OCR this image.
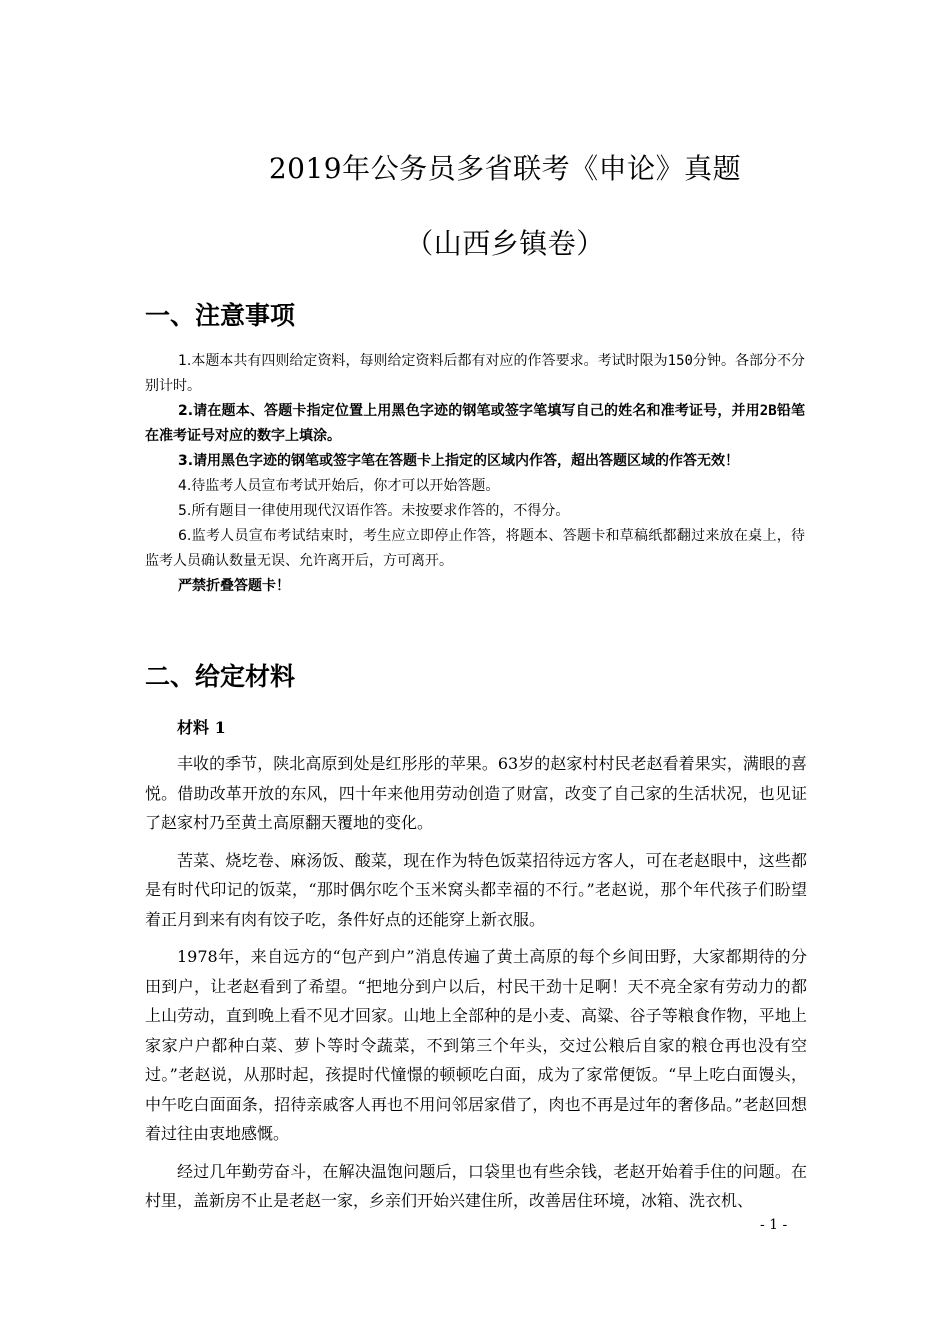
2019年公务员多省联考《申论》真题
（山西乡镇卷）
一、注意事项

1.本题本共有四则给定资料，每则给定资料后都有对应的作答要求。考试时限为150分钟。各部分不分别计时。

2.请在题本、答题卡指定位置上用黑色字迹的钢笔或签字笔填写自己的姓名和准考证号，并用2B铅笔在准考证号对应的数字上填涂。

3.请用黑色字迹的钢笔或签字笔在答题卡上指定的区域内作答，超出答题区域的作答无效！

4.待监考人员宣布考试开始后，你才可以开始答题。

5.所有题目一律使用现代汉语作答。未按要求作答的，不得分。

6.监考人员宣布考试结束时，考生应立即停止作答，将题本、答题卡和草稿纸都翻过来放在桌上，待监考人员确认数量无误、允许离开后，方可离开。

严禁折叠答题卡！

二、给定材料
材料 1

丰收的季节，陕北高原到处是红彤彤的苹果。63岁的赵家村村民老赵看着果实，满眼的喜悦。借助改革开放的东风，四十年来他用劳动创造了财富，改变了自己家的生活状况，也见证了赵家村乃至黄土高原翻天覆地的变化。

苦菜、烧圪卷、麻汤饭、酸菜，现在作为特色饭菜招待远方客人，可在老赵眼中，这些都是有时代印记的饭菜，“那时偶尔吃个玉米窝头都幸福的不行。”老赵说，那个年代孩子们盼望着正月到来有肉有饺子吃，条件好点的还能穿上新衣服。

1978年，来自远方的“包产到户”消息传遍了黄土高原的每个乡间田野，大家都期待的分田到户，让老赵看到了希望。“把地分到户以后，村民干劲十足啊！天不亮全家有劳动力的都上山劳动，直到晚上看不见才回家。山地上全部种的是小麦、高粱、谷子等粮食作物，平地上家家户户都种白菜、萝卜等时令蔬菜，不到第三个年头，交过公粮后自家的粮仓再也没有空过。”老赵说，从那时起，孩提时代憧憬的顿顿吃白面，成为了家常便饭。“早上吃白面馒头，中午吃白面面条，招待亲戚客人再也不用问邻居家借了，肉也不再是过年的奢侈品。”老赵回想着过往由衷地感慨。

经过几年勤劳奋斗，在解决温饱问题后，口袋里也有些余钱，老赵开始着手住的问题。在村里，盖新房不止是老赵一家，乡亲们开始兴建住所，改善居住环境，冰箱、洗衣机、

- 1 -
